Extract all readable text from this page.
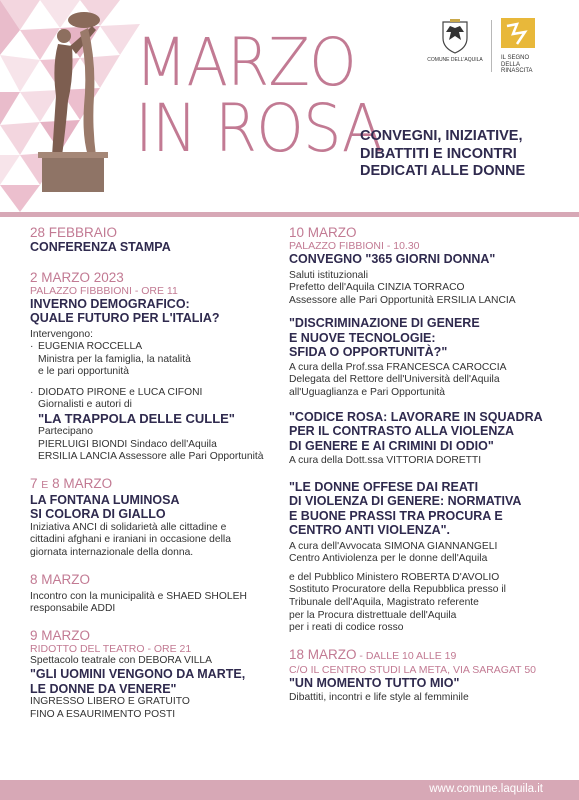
MARZO
IN ROSA
CONVEGNI, INIZIATIVE,
DIBATTITI E INCONTRI
DEDICATI ALLE DONNE
COMUNE DELL'AQUILA	IL SEGNO
DELLA
RINASCITA
28 FEBBRAIO
CONFERENZA STAMPA
2 MARZO 2023
PALAZZO FIBBBIONI - ORE 11
INVERNO DEMOGRAFICO:
QUALE FUTURO PER L'ITALIA?
Intervengono:
· EUGENIA ROCCELLA
Ministra per la famiglia, la natalità
e le pari opportunità
· DIODATO PIRONE e LUCA CIFONI
Giornalisti e autori di
"LA TRAPPOLA DELLE CULLE"
Partecipano
PIERLUIGI BIONDI Sindaco dell'Aquila
ERSILIA LANCIA Assessore alle Pari Opportunità
7 E 8 MARZO
LA FONTANA LUMINOSA
SI COLORA DI GIALLO
Iniziativa ANCI di solidarietà alle cittadine e
cittadini afghani e iraniani in occasione della
giornata internazionale della donna.
8 MARZO
Incontro con la municipalità e SHAED SHOLEH
responsabile ADDI
9 MARZO
RIDOTTO DEL TEATRO - ORE 21
Spettacolo teatrale con DEBORA VILLA
"GLI UOMINI VENGONO DA MARTE,
LE DONNE DA VENERE"
INGRESSO LIBERO E GRATUITO
FINO A ESAURIMENTO POSTI
10 MARZO
PALAZZO FIBBIONI - 10.30
CONVEGNO "365 GIORNI DONNA"
Saluti istituzionali
Prefetto dell'Aquila CINZIA TORRACO
Assessore alle Pari Opportunità ERSILIA LANCIA
"DISCRIMINAZIONE DI GENERE
E NUOVE TECNOLOGIE:
SFIDA O OPPORTUNITÀ?"
A cura della Prof.ssa FRANCESCA CAROCCIA
Delegata del Rettore dell'Università dell'Aquila
all'Uguaglianza e Pari Opportunità
"CODICE ROSA: LAVORARE IN SQUADRA
PER IL CONTRASTO ALLA VIOLENZA
DI GENERE E AI CRIMINI DI ODIO"
A cura della Dott.ssa VITTORIA DORETTI
"LE DONNE OFFESE DAI REATI
DI VIOLENZA DI GENERE: NORMATIVA
E BUONE PRASSI TRA PROCURA E
CENTRO ANTI VIOLENZA".
A cura dell'Avvocata SIMONA GIANNANGELI
Centro Antiviolenza per le donne dell'Aquila
e del Pubblico Ministero ROBERTA D'AVOLIO
Sostituto Procuratore della Repubblica presso il
Tribunale dell'Aquila, Magistrato referente
per la Procura distrettuale dell'Aquila
per i reati di codice rosso
18 MARZO - DALLE 10 ALLE 19
C/O IL CENTRO STUDI LA META, VIA SARAGAT 50
"UN MOMENTO TUTTO MIO"
Dibattiti, incontri e life style al femminile
www.comune.laquila.it
